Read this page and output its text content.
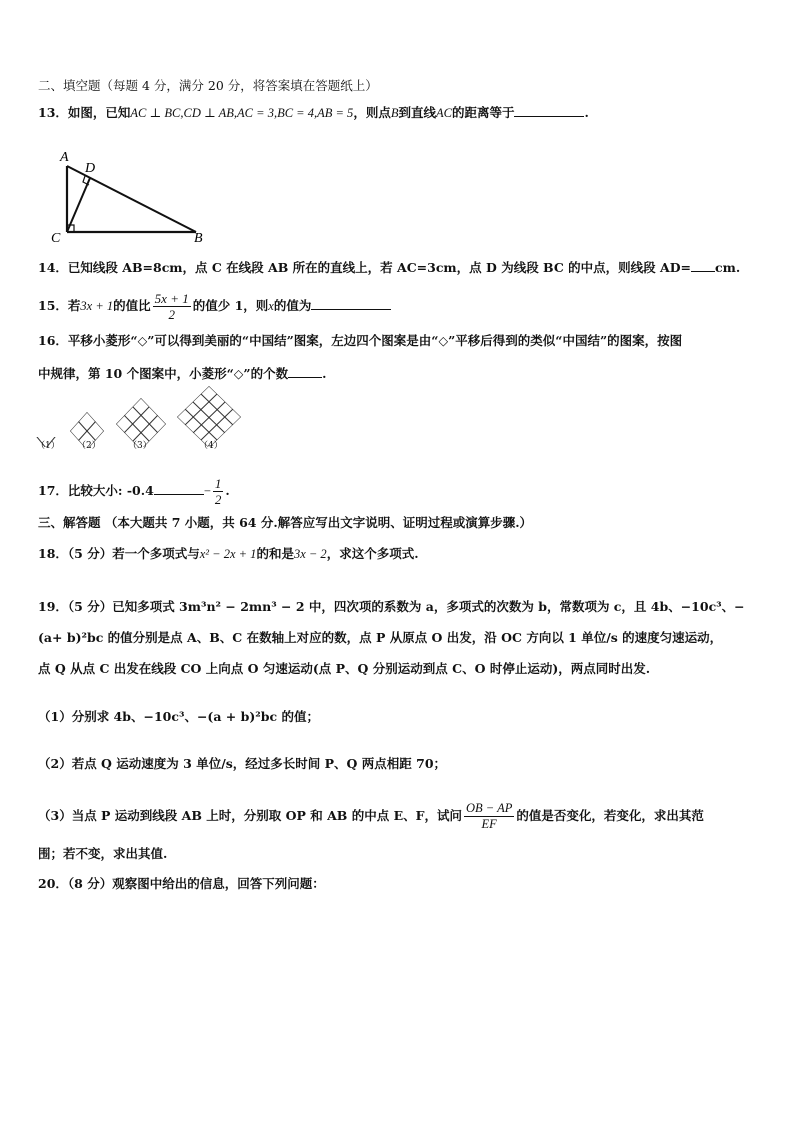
二、填空题（每题 4 分，满分 20 分，将答案填在答题纸上）
13．如图，已知AC ⊥ BC,CD ⊥ AB,AC = 3,BC = 4,AB = 5，则点B到直线AC的距离等于	.
A
D
C	B
14．已知线段 AB=8cm，点 C 在线段 AB 所在的直线上，若 AC=3cm，点 D 为线段 BC 的中点，则线段 AD= cm.
15．若3x + 1的值比 $\frac{5x + 1}{2}$ 的值少 1，则x的值为
16．平移小菱形“◇”可以得到美丽的“中国结”图案，左边四个图案是由“◇”平移后得到的类似“中国结”的图案，按图
中规律，第 10 个图案中，小菱形“◇”的个数	.
（1） （2）	（3）	（4）
17．比较大小: -0.4	− $\frac{1}{2}$ .
三、解答题 （本大题共 7 小题，共 64 分.解答应写出文字说明、证明过程或演算步骤.）
18．（5 分）若一个多项式与x² − 2x + 1的和是3x − 2，求这个多项式.
19．（5 分）已知多项式 3m³n² − 2mn³ − 2 中，四次项的系数为 a，多项式的次数为 b，常数项为 c，且 4b、−10c³、−
(a+ b)²bc 的值分别是点 A、B、C 在数轴上对应的数，点 P 从原点 O 出发，沿 OC 方向以 1 单位/s 的速度匀速运动，
点 Q 从点 C 出发在线段 CO 上向点 O 匀速运动(点 P、Q 分别运动到点 C、O 时停止运动)，两点同时出发.
（1）分别求 4b、−10c³、−(a + b)²bc 的值；
（2）若点 Q 运动速度为 3 单位/s，经过多长时间 P、Q 两点相距 70；
（3）当点 P 运动到线段 AB 上时，分别取 OP 和 AB 的中点 E、F，试问 $\frac{OB - AP}{EF}$ 的值是否变化，若变化，求出其范
围；若不变，求出其值.
20．（8 分）观察图中给出的信息，回答下列问题：
